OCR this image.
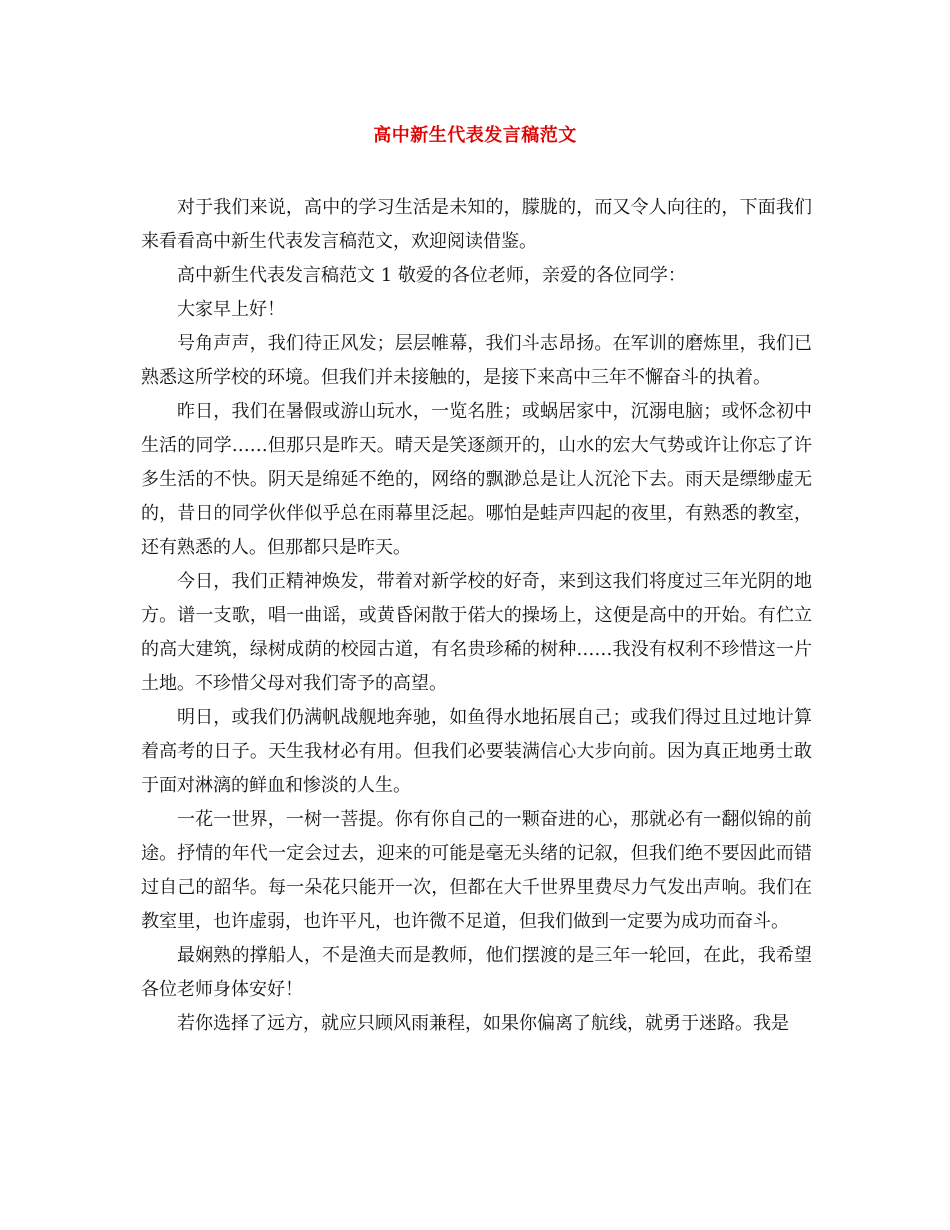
高中新生代表发言稿范文

对于我们来说，高中的学习生活是未知的，朦胧的，而又令人向往的，下面我们来看看高中新生代表发言稿范文，欢迎阅读借鉴。

高中新生代表发言稿范文 1 敬爱的各位老师，亲爱的各位同学：

大家早上好！

号角声声，我们待正风发；层层帷幕，我们斗志昂扬。在军训的磨炼里，我们已熟悉这所学校的环境。但我们并未接触的，是接下来高中三年不懈奋斗的执着。

昨日，我们在暑假或游山玩水，一览名胜；或蜗居家中，沉溺电脑；或怀念初中生活的同学……但那只是昨天。晴天是笑逐颜开的，山水的宏大气势或许让你忘了许多生活的不快。阴天是绵延不绝的，网络的飘渺总是让人沉沦下去。雨天是缥缈虚无的，昔日的同学伙伴似乎总在雨幕里泛起。哪怕是蛙声四起的夜里，有熟悉的教室，还有熟悉的人。但那都只是昨天。

今日，我们正精神焕发，带着对新学校的好奇，来到这我们将度过三年光阴的地方。谱一支歌，唱一曲谣，或黄昏闲散于偌大的操场上，这便是高中的开始。有伫立的高大建筑，绿树成荫的校园古道，有名贵珍稀的树种……我没有权利不珍惜这一片土地。不珍惜父母对我们寄予的高望。

明日，或我们仍满帆战舰地奔驰，如鱼得水地拓展自己；或我们得过且过地计算着高考的日子。天生我材必有用。但我们必要装满信心大步向前。因为真正地勇士敢于面对淋漓的鲜血和惨淡的人生。

一花一世界，一树一菩提。你有你自己的一颗奋进的心，那就必有一翻似锦的前途。抒情的年代一定会过去，迎来的可能是毫无头绪的记叙，但我们绝不要因此而错过自己的韶华。每一朵花只能开一次，但都在大千世界里费尽力气发出声响。我们在教室里，也许虚弱，也许平凡，也许微不足道，但我们做到一定要为成功而奋斗。

最娴熟的撑船人，不是渔夫而是教师，他们摆渡的是三年一轮回，在此，我希望各位老师身体安好！

若你选择了远方，就应只顾风雨兼程，如果你偏离了航线，就勇于迷路。我是
